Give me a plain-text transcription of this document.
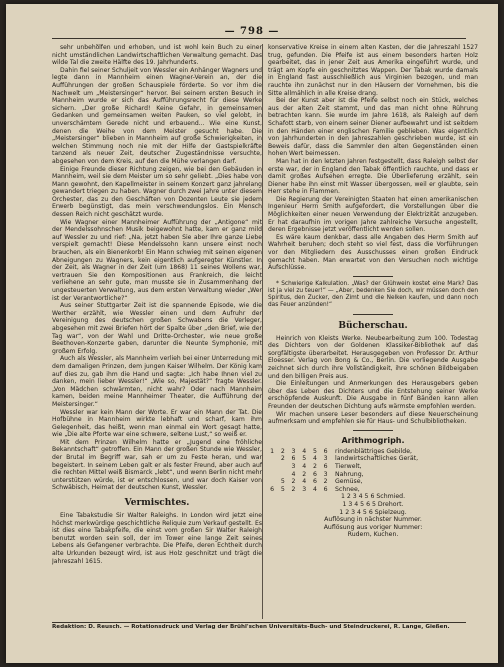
— 798 —

sehr unbehoͤlfen und erhoben, und ist wohl kein Buch zu einer nicht umständlichen Landwirtschaftlichen Verwaltung gemacht. Das wilde Tal die zweite Hälfte des 19. Jahrhunderts.

Dahin fiel seiner Schuljeit von Wessler ein Anhänger Wagners und legte dann in Mannheim einen Wagner-Verein an, der die Aufführungen der großen Schauspiele förderte. So vor ihm die Nachwelt um „Meistersinger“ hervor. Bei seinem ersten Besuch in Mannheim wurde er sich das Aufführungsrecht für diese Werke sichern. „Der große Richard! Keine Gefahr, in gemeinsamen Gedanken und gemeinsamen weiten Pauken, so viel gelobt, in unverschämtem Gerede nicht und erbauend... Wie eine Kunst, denen die Weihe von dem Meister gesucht habe. Die „Meistersinger“ blieben in Mannheim auf große Schwierigkeiten, in welchen Stimmung noch nie mit der Hilfe der Gastspielkräfte tanzend als neuer Zeit, deutscher Zugeständnisse versuchte, abgesehen von dem Kreis, auf den die Mühe verlangen darf.

Einige Freunde dieser Richtung zeigen, wie bei den Gebäuden in Mannheim, weil sie dem Meister um so sehr geliebt. „Dies habe von Mann gewohnt, den Kapellmeister in seinem Konzert ganz jahrelang gewandert triegen zu haben. Wagner durch zwei Jahre unter diesem Orchester, das zu den Geschäften von Dozenten Leute sie jedem Erwerb begünstigt, das mein verschwendungslos. Ein Mensch dessen Reich nicht geschätzt wurde.

Wie Wagner einer Mannheimer Aufführung der „Antigone“ mit der Mendelssohnschen Musik beigewohnt hatte, kam er ganz mild auf Wessler zu und rief: „Na, jetzt haben Sie aber Ihre ganze Liebe verspielt gemacht! Diese Mendelssohn kann unsere einst noch brauchen, als ein Bienenkorb! Ein Mann schwieg mit seinen eigenen Abneigungen zu Wagners, kein eigentlich aufgeregter Künstler. In der Zeit, als Wagner in der Zeit (um 1868) 11 seines Wollens war, vertrauen Sie den Kompositionen aus Frankreich, die leicht verliehene an sehr gute, man musste sie in Zusammenhang der ungesteuerten Verwaltung, aus dem ersten Verwaltung wieder „Wer ist der Verantwortliche?“

Aus seiner Stuttgarter Zeit ist die spannende Episode, wie die Werther erzählt, wie Wessler einen und dem Aufruhr der Vereinigung des deutschen großen Schwabens die Verleger, abgesehen mit zwei Briefen hört der Spalte über „den Brief, wie der Tag war“, von der Wahl und Dritte-Orchester, wie neue große Beethoven-Konzerte gaben, darunter die Neunte Symphonie, mit großem Erfolg.

Auch als Wessler, als Mannheim verlieh bei einer Unterredung mit dem damaligen Prinzen, dem jungen Kaiser Wilhelm. Der König kam auf dies zu, gab ihm die Hand und sagte: „Ich habe Ihnen viel zu danken, mein lieber Wessler!“ „Wie so, Majestät?“ fragte Wessler. „Von Mädchen schwärmten, nicht wahr? Oder nach Mannheim kamen, beiden meine Mannheimer Theater, die Aufführung der Meistersinger.“

Wessler war kein Mann der Worte. Er war ein Mann der Tat. Die Hofbühne in Mannheim wirkte lebhaft und scharf, kam ihm Gelegenheit, das heißt, wenn man einmal ein Wort gesagt hatte, wie „Die alte Pforte war eine schwere, seltene Lust,“ so weiß er.

Mit dem Prinzen Wilhelm hatte er „Jugend eine fröhliche Bekanntschaft“ getroffen. Ein Mann der großen Stunde wie Wessler, der Brutal im Begriff war, sah er um zu Feste heran, und war begeistert. In seinem Leben galt er als fester Freund, aber auch auf die rechten Mittel weiß Bismarck „lebt“, und wenn Berlin nicht mehr unterstützen würde, ist er entschlossen, und war doch Kaiser von Schwäbisch, Heimat der deutschen Kunst, Wessler.

Vermischtes.

Eine Tabakstudie Sir Walter Raleighs. In London wird jetzt eine höchst merkwürdige geschichtliche Reliquie zum Verkauf gestellt. Es ist dies eine Tabakpfeife, die einst vom großen Sir Walter Raleigh benutzt worden sein soll, der im Tower eine lange Zeit seines Lebens als Gefangener verbrachte. Die Pfeife, deren Echtheit durch alte Urkunden bezeugt wird, ist aus Holz geschnitzt und trägt die Jahreszahl 1615.

konservative Kreise in einem alten Kasten, der die Jahreszahl 1527 trug, gefunden. Die Pfeife ist aus einem besonders harten Holz gearbeitet, das in jener Zeit aus Amerika eingeführt wurde, und trägt am Kopfe ein geschnitztes Wappen. Der Tabak wurde damals in England fast ausschließlich aus Virginien bezogen, und man rauchte ihn zunächst nur in den Häusern der Vornehmen, bis die Sitte allmählich in alle Kreise drang.

Bei der Kunst aber ist die Pfeife selbst noch ein Stück, welches aus der alten Zeit stammt, und das man nicht ohne Rührung betrachten kann. Sie wurde im Jahre 1618, als Raleigh auf dem Schafott starb, von einem seiner Diener aufbewahrt und ist seitdem in den Händen einer englischen Familie geblieben. Was eigentlich von Jahrhunderten in den Jahreszahlen geschrieben wurde, ist ein Beweis dafür, dass die Sammler den alten Gegenständen einen hohen Wert beimessen.

Man hat in den letzten Jahren festgestellt, dass Raleigh selbst der erste war, der in England den Tabak öffentlich rauchte, und dass er damit großes Aufsehen erregte. Die Überlieferung erzählt, sein Diener habe ihn einst mit Wasser übergossen, weil er glaubte, sein Herr stehe in Flammen.

Die Regierung der Vereinigten Staaten hat einen amerikanischen Ingenieur Herrn Smith aufgefordert, die Vorstellungen über die Möglichkeiten einer neuen Verwendung der Elektrizität anzugeben. Er hat daraufhin im vorigen Jahre zahlreiche Versuche angestellt, deren Ergebnisse jetzt veröffentlicht werden sollen.

Es wäre kaum denkbar, dass alle Angaben des Herrn Smith auf Wahrheit beruhen; doch steht so viel fest, dass die Vorführungen vor den Mitgliedern des Ausschusses einen großen Eindruck gemacht haben. Man erwartet von den Versuchen noch wichtige Aufschlüsse.

* Schwierige Kalkulation. „Was? der Glühwein kostet eine Mark? Das ist ja viel zu teuer!“ — „Aber, bedenken Sie doch, wir müssen doch den Spiritus, den Zucker, den Zimt und die Nelken kaufen, und dann noch das Feuer anzünden!“

Bücherschau.

Heinrich von Kleists Werke. Neubearbeitung zum 100. Todestag des Dichters von der Goldenen Klassiker-Bibliothek auf das sorgfältigste überarbeitet. Herausgegeben von Professor Dr. Arthur Eloesser. Verlag von Bong & Co., Berlin. Die vorliegende Ausgabe zeichnet sich durch ihre Vollständigkeit, ihre schönen Bildbeigaben und den billigen Preis aus.

Die Einleitungen und Anmerkungen des Herausgebers geben über das Leben des Dichters und die Entstehung seiner Werke erschöpfende Auskunft. Die Ausgabe in fünf Bänden kann allen Freunden der deutschen Dichtung aufs wärmste empfohlen werden.

Wir machen unsere Leser besonders auf diese Neuerscheinung aufmerksam und empfehlen sie für Haus- und Schulbibliotheken.

Arithmogriph.
1 2 3 4 5 6 rindenblättriges Gebilde,
2 6 5 4 3 landwirtschaftliches Gerät,
3 4 2 6 Tierwelt,
4 2 6 3 Nahrung,
5 2 4 6 2 Gemüse,
6 5 2 3 4 6 Schnee,
1 2 3 4 5 6 Schmied.
1 3 4 5 6 5 Drehort.
1 2 3 4 5 6 Spielzeug.
Auflösung in nächster Nummer.
Auflösung aus voriger Nummer:
Rudern, Kuchen.
Redaktion: D. Reusch. — Rotationsdruck und Verlag der Brühl'schen Universitäts-Buch- und Steindruckerei, R. Lange, Gießen.
